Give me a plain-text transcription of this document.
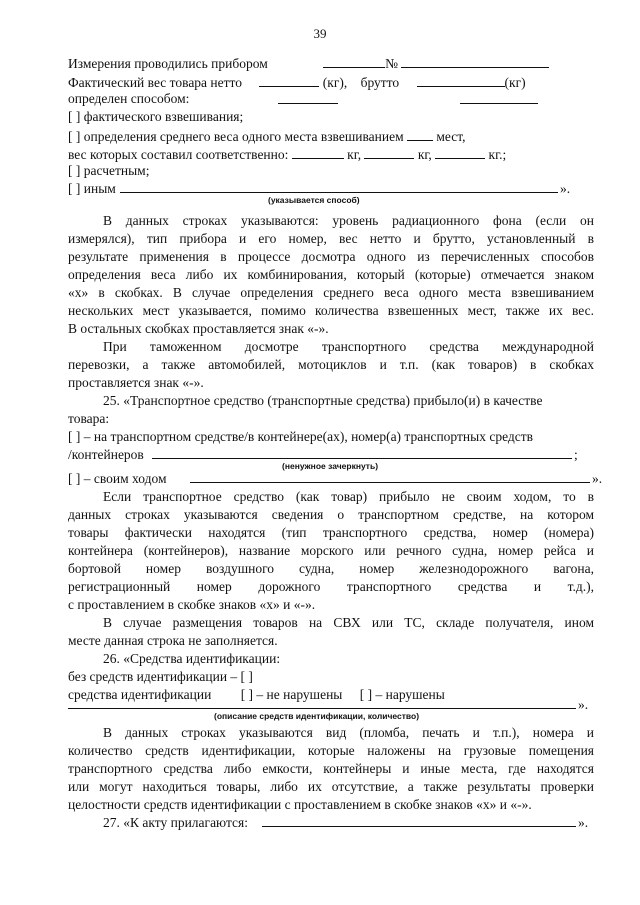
39
Измерения проводились прибором	№
Фактический вес товара нетто	(кг), брутто	(кг)
определен способом:
[ ] фактического взвешивания;
[ ] определения среднего веса одного места взвешиванием мест,
вес которых составил соответственно:	кг,	кг,	кг.;
[ ] расчетным;
[ ] иным	».
(указывается способ)
В данных строках указываются: уровень радиационного фона (если он
измерялся), тип прибора и его номер, вес нетто и брутто, установленный в
результате применения в процессе досмотра одного из перечисленных способов
определения веса либо их комбинирования, который (которые) отмечается знаком
«х» в скобках. В случае определения среднего веса одного места взвешиванием
нескольких мест указывается, помимо количества взвешенных мест, также их вес.
В остальных скобках проставляется знак «-».
При таможенном досмотре транспортного средства международной
перевозки, а также автомобилей, мотоциклов и т.п. (как товаров) в скобках
проставляется знак «-».
25. «Транспортное средство (транспортные средства) прибыло(и) в качестве
товара:
[ ] – на транспортном средстве/в контейнере(ах), номер(а) транспортных средств
/контейнеров	;
(ненужное зачеркнуть)
[ ] – своим ходом	».
Если транспортное средство (как товар) прибыло не своим ходом, то в
данных строках указываются сведения о транспортном средстве, на котором
товары фактически находятся (тип транспортного средства, номер (номера)
контейнера (контейнеров), название морского или речного судна, номер рейса и
бортовой номер воздушного судна, номер железнодорожного вагона,
регистрационный номер дорожного транспортного средства и т.д.),
с проставлением в скобке знаков «х» и «-».
В случае размещения товаров на СВХ или ТС, складе получателя, ином
месте данная строка не заполняется.
26. «Средства идентификации:
без средств идентификации – [ ]
средства идентификации [ ] – не нарушены [ ] – нарушены
».
(описание средств идентификации, количество)
В данных строках указываются вид (пломба, печать и т.п.), номера и
количество средств идентификации, которые наложены на грузовые помещения
транспортного средства либо емкости, контейнеры и иные места, где находятся
или могут находиться товары, либо их отсутствие, а также результаты проверки
целостности средств идентификации с проставлением в скобке знаков «х» и «-».
27. «К акту прилагаются:	».
